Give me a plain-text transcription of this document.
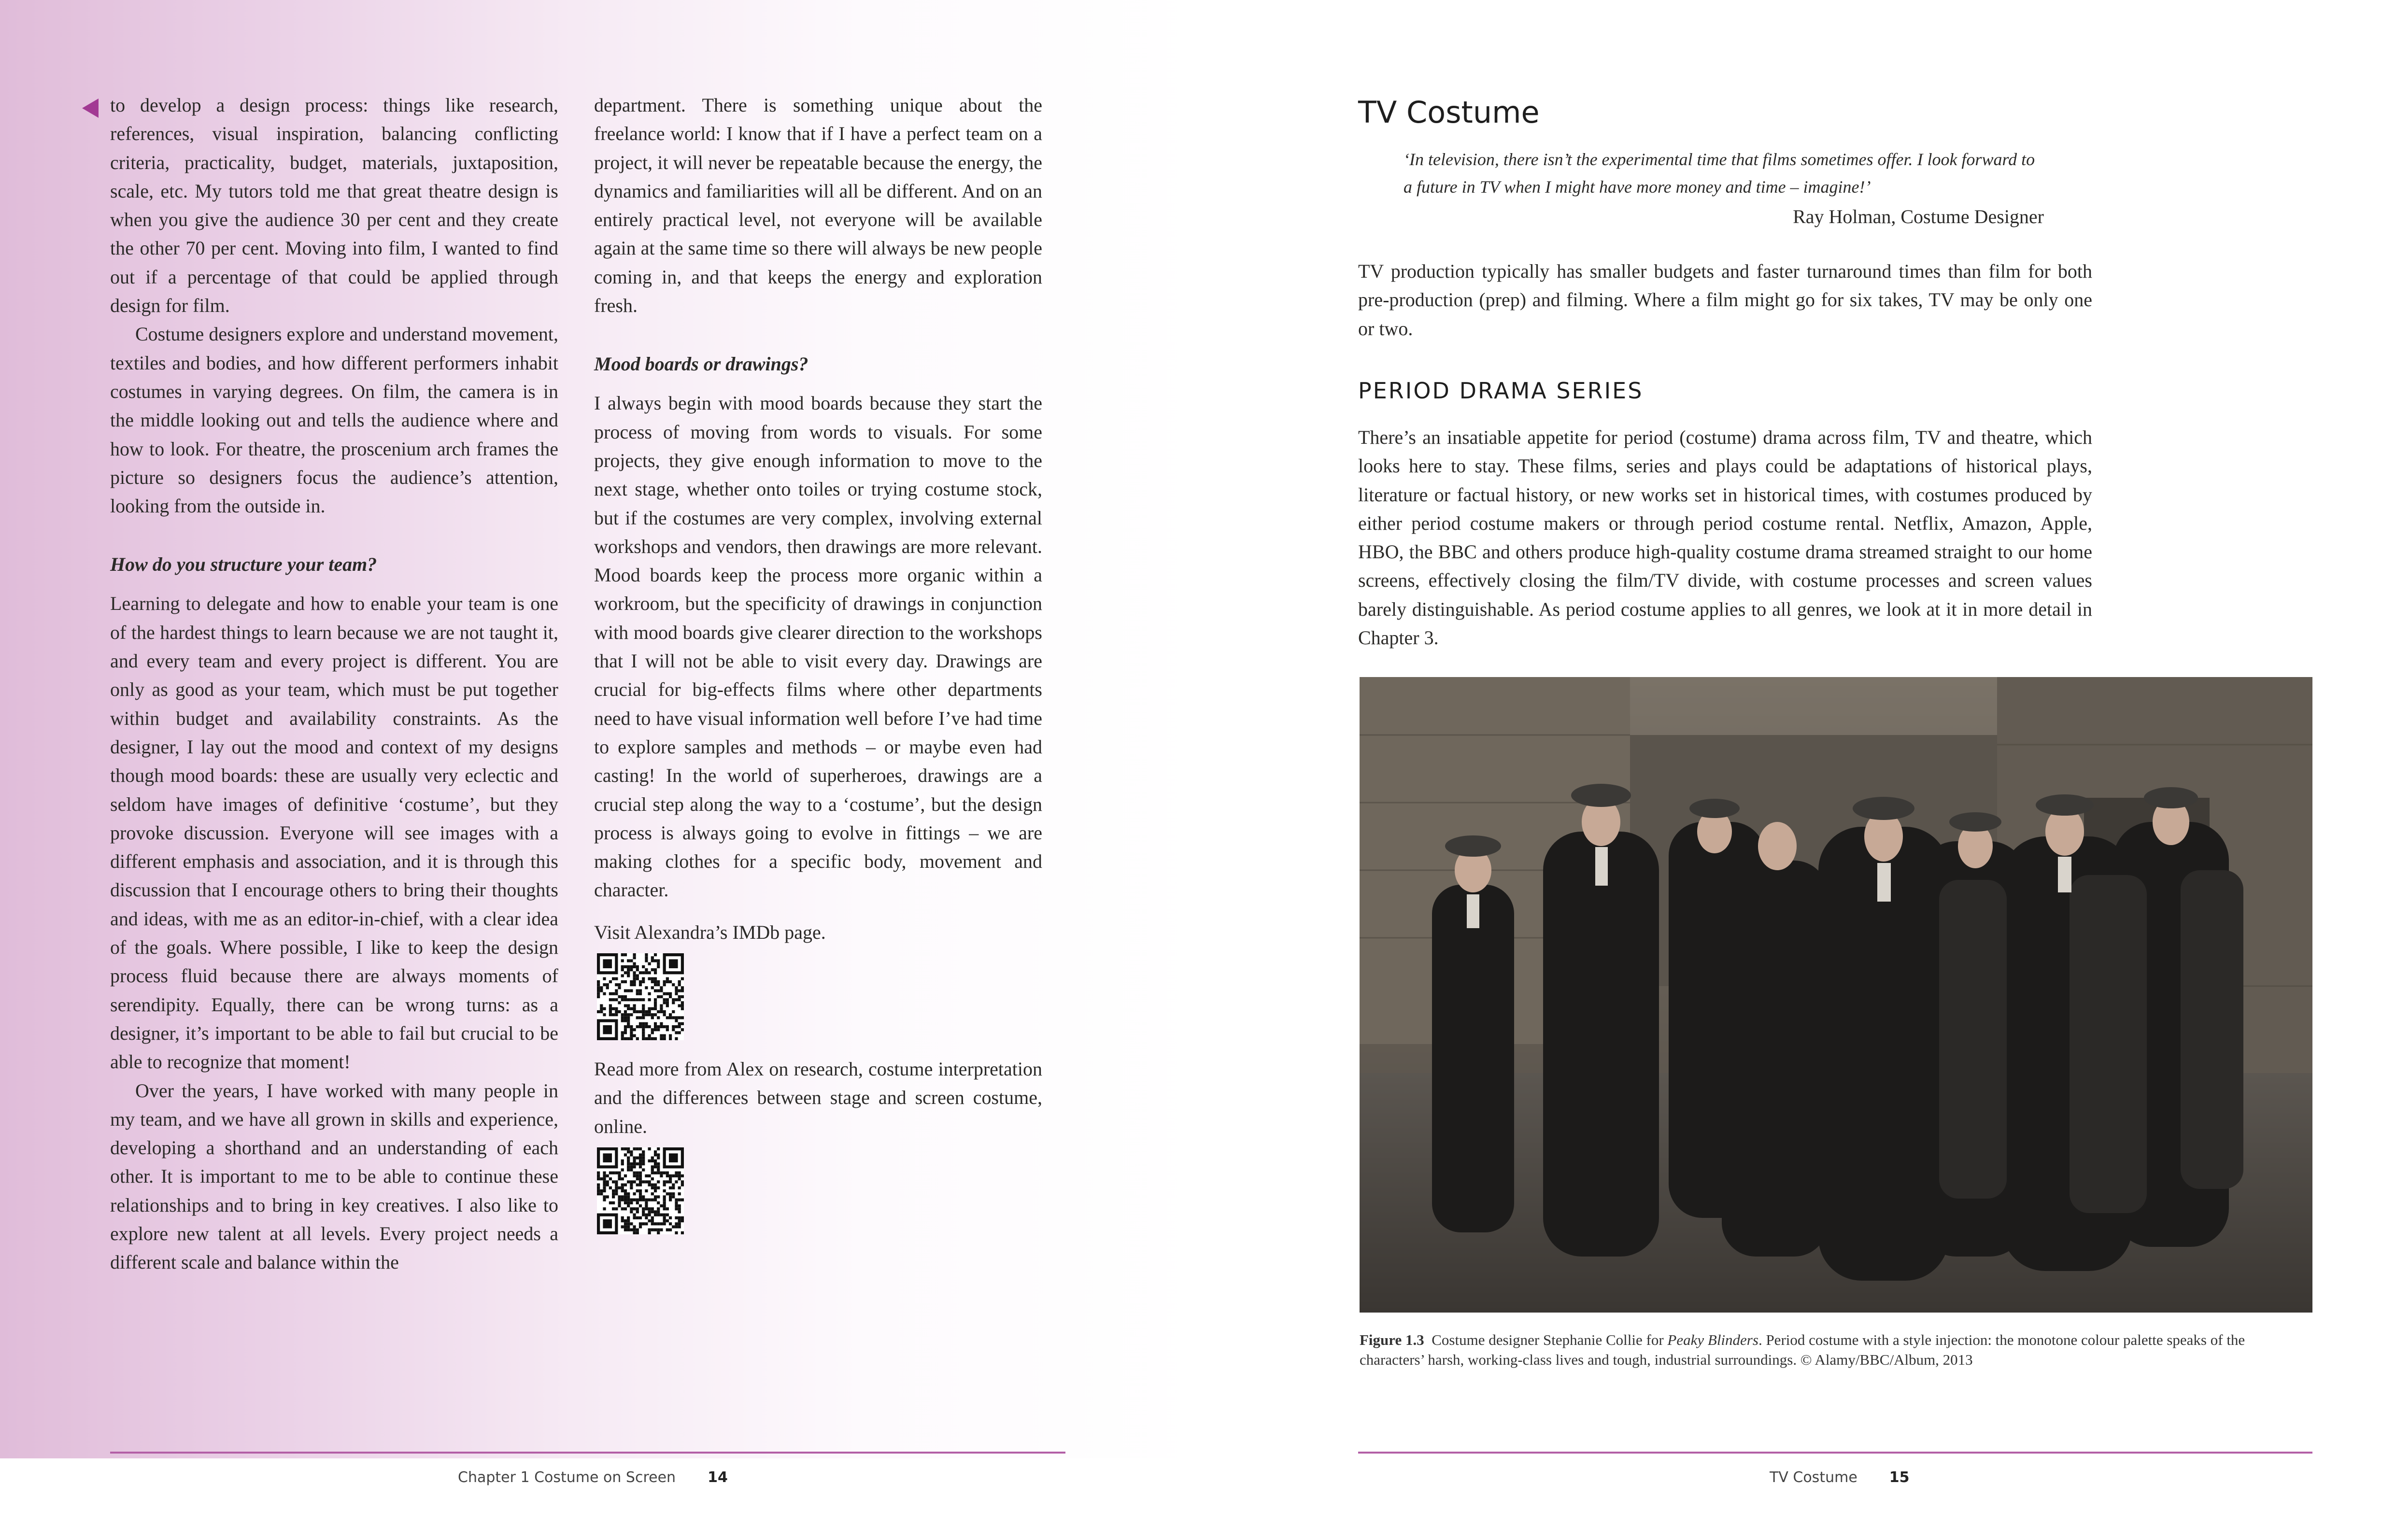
to develop a design process: things like research, references, visual inspiration, balancing conflicting criteria, practicality, budget, materials, juxtaposition, scale, etc. My tutors told me that great theatre design is when you give the audience 30 per cent and they create the other 70 per cent. Moving into film, I wanted to find out if a percentage of that could be applied through design for film.

Costume designers explore and understand movement, textiles and bodies, and how different performers inhabit costumes in varying degrees. On film, the camera is in the middle looking out and tells the audience where and how to look. For theatre, the proscenium arch frames the picture so designers focus the audience’s attention, looking from the outside in.

How do you structure your team?

Learning to delegate and how to enable your team is one of the hardest things to learn because we are not taught it, and every team and every project is different. You are only as good as your team, which must be put together within budget and availability constraints. As the designer, I lay out the mood and context of my designs though mood boards: these are usually very eclectic and seldom have images of definitive ‘costume’, but they provoke discussion. Everyone will see images with a different emphasis and association, and it is through this discussion that I encourage others to bring their thoughts and ideas, with me as an editor-in-chief, with a clear idea of the goals. Where possible, I like to keep the design process fluid because there are always moments of serendipity. Equally, there can be wrong turns: as a designer, it’s important to be able to fail but crucial to be able to recognize that moment!

Over the years, I have worked with many people in my team, and we have all grown in skills and experience, developing a shorthand and an understanding of each other. It is important to me to be able to continue these relationships and to bring in key creatives. I also like to explore new talent at all levels. Every project needs a different scale and balance within the

department. There is something unique about the freelance world: I know that if I have a perfect team on a project, it will never be repeatable because the energy, the dynamics and familiarities will all be different. And on an entirely practical level, not everyone will be available again at the same time so there will always be new people coming in, and that keeps the energy and exploration fresh.

Mood boards or drawings?

I always begin with mood boards because they start the process of moving from words to visuals. For some projects, they give enough information to move to the next stage, whether onto toiles or trying costume stock, but if the costumes are very complex, involving external workshops and vendors, then drawings are more relevant. Mood boards keep the process more organic within a workroom, but the specificity of drawings in conjunction with mood boards give clearer direction to the workshops that I will not be able to visit every day. Drawings are crucial for big-effects films where other departments need to have visual information well before I’ve had time to explore samples and methods – or maybe even had casting! In the world of superheroes, drawings are a crucial step along the way to a ‘costume’, but the design process is always going to evolve in fittings – we are making clothes for a specific body, movement and character.

Visit Alexandra’s IMDb page.

Read more from Alex on research, costume interpretation and the differences between stage and screen costume, online.

Chapter 1 Costume on Screen 14
TV Costume
‘In television, there isn’t the experimental time that films sometimes offer. I look forward to a future in TV when I might have more money and time – imagine!’
Ray Holman, Costume Designer

TV production typically has smaller budgets and faster turnaround times than film for both pre-production (prep) and filming. Where a film might go for six takes, TV may be only one or two.

PERIOD DRAMA SERIES

There’s an insatiable appetite for period (costume) drama across film, TV and theatre, which looks here to stay. These films, series and plays could be adaptations of historical plays, literature or factual history, or new works set in historical times, with costumes produced by either period costume makers or through period costume rental. Netflix, Amazon, Apple, HBO, the BBC and others produce high-quality costume drama streamed straight to our home screens, effectively closing the film/TV divide, with costume processes and screen values barely distinguishable. As period costume applies to all genres, we look at it in more detail in Chapter 3.

Figure 1.3 Costume designer Stephanie Collie for Peaky Blinders. Period costume with a style injection: the monotone colour palette speaks of the characters’ harsh, working-class lives and tough, industrial surroundings. © Alamy/BBC/Album, 2013
TV Costume 15
